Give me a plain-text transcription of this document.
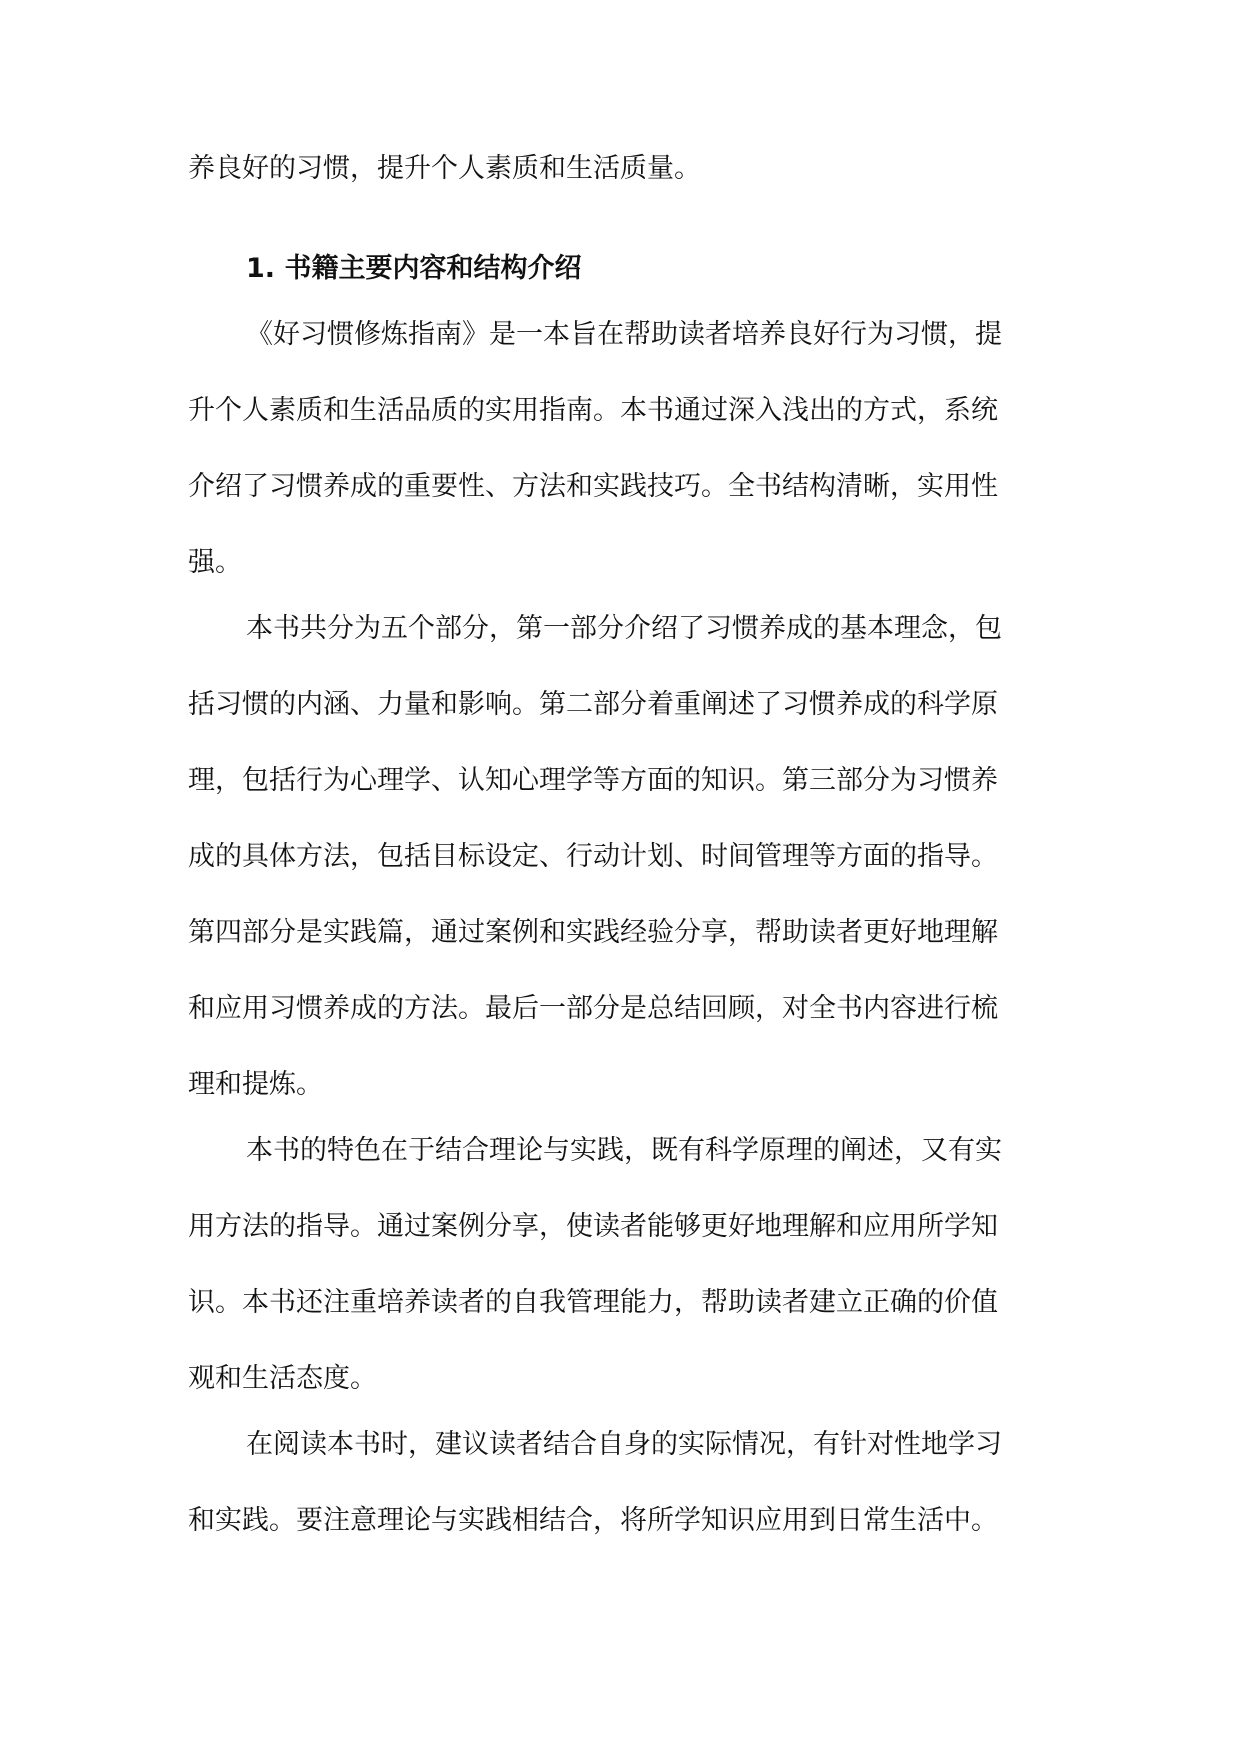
养良好的习惯，提升个人素质和生活质量。
1. 书籍主要内容和结构介绍
《好习惯修炼指南》是一本旨在帮助读者培养良好行为习惯，提
升个人素质和生活品质的实用指南。本书通过深入浅出的方式，系统
介绍了习惯养成的重要性、方法和实践技巧。全书结构清晰，实用性
强。
本书共分为五个部分，第一部分介绍了习惯养成的基本理念，包
括习惯的内涵、力量和影响。第二部分着重阐述了习惯养成的科学原
理，包括行为心理学、认知心理学等方面的知识。第三部分为习惯养
成的具体方法，包括目标设定、行动计划、时间管理等方面的指导。
第四部分是实践篇，通过案例和实践经验分享，帮助读者更好地理解
和应用习惯养成的方法。最后一部分是总结回顾，对全书内容进行梳
理和提炼。
本书的特色在于结合理论与实践，既有科学原理的阐述，又有实
用方法的指导。通过案例分享，使读者能够更好地理解和应用所学知
识。本书还注重培养读者的自我管理能力，帮助读者建立正确的价值
观和生活态度。
在阅读本书时，建议读者结合自身的实际情况，有针对性地学习
和实践。要注意理论与实践相结合，将所学知识应用到日常生活中。
